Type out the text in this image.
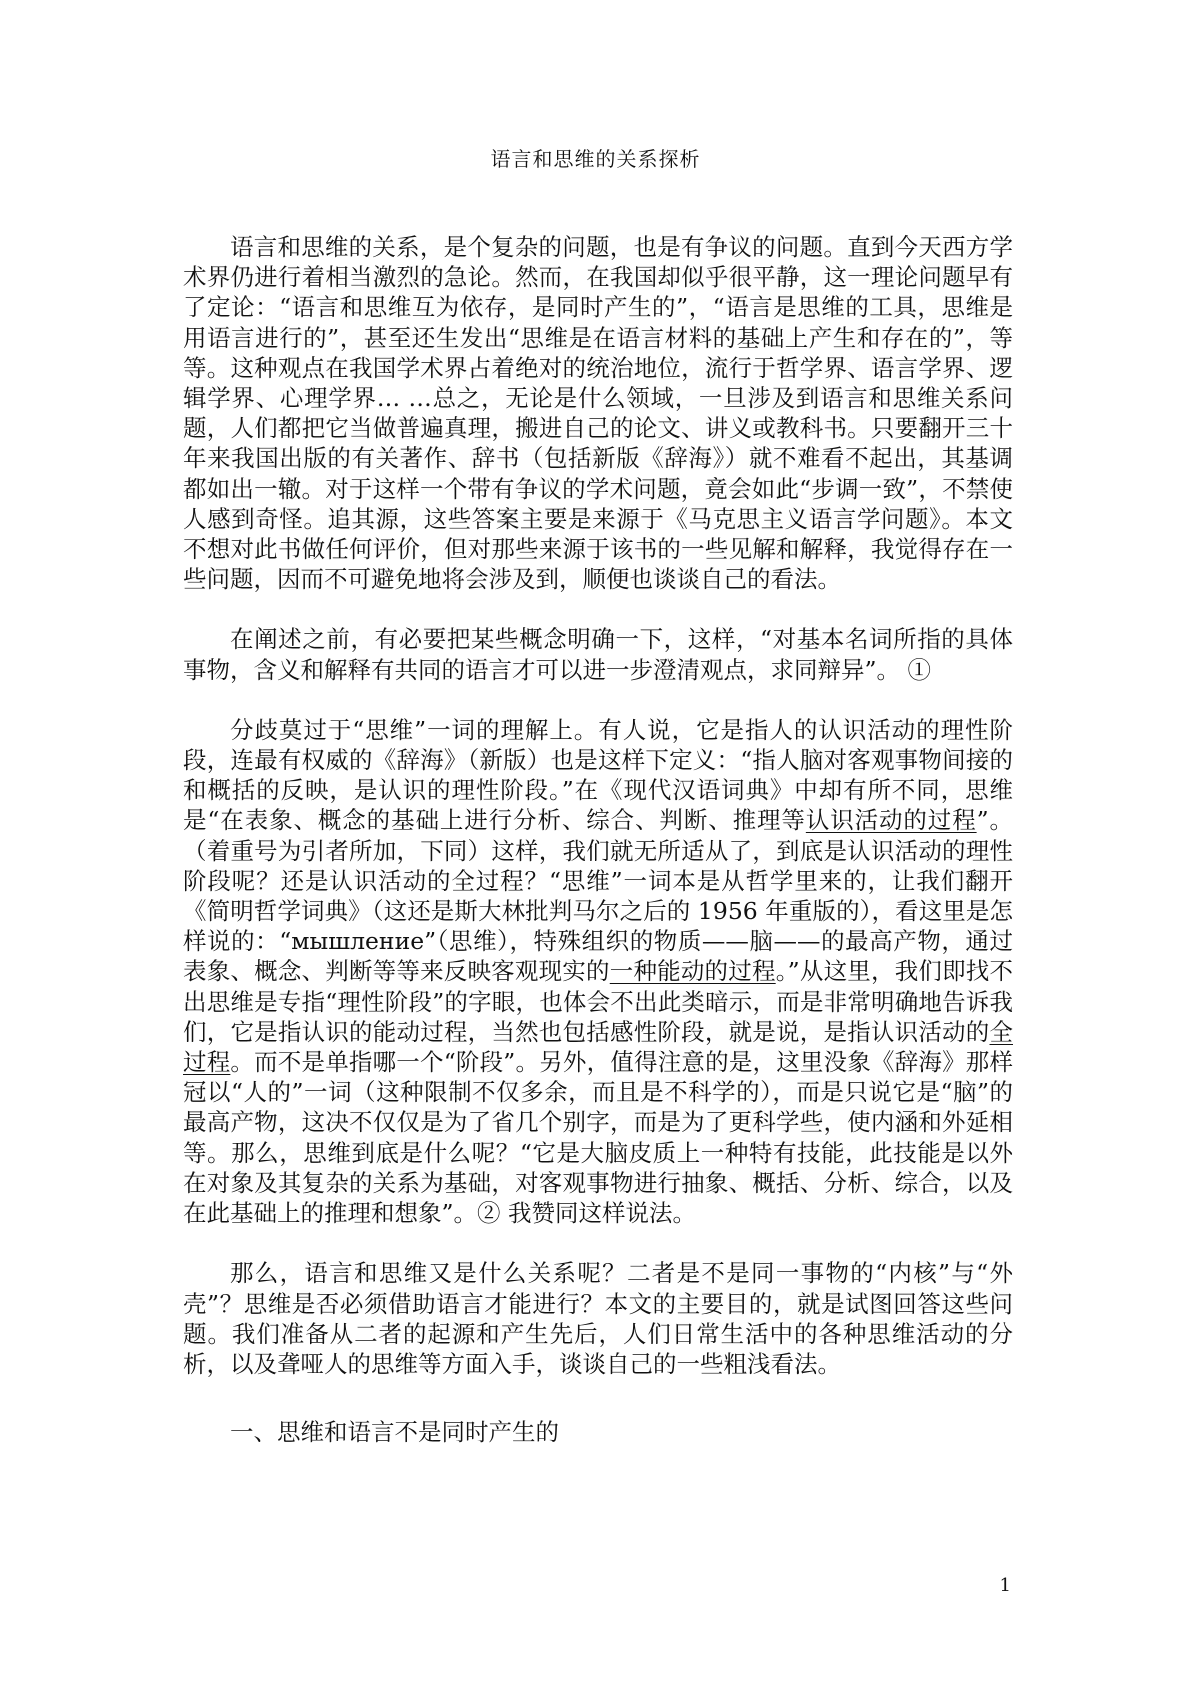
语言和思维的关系探析

语言和思维的关系，是个复杂的问题，也是有争议的问题。直到今天西方学术界仍进行着相当激烈的急论。然而，在我国却似乎很平静，这一理论问题早有了定论：“语言和思维互为依存，是同时产生的”，“语言是思维的工具，思维是用语言进行的”，甚至还生发出“思维是在语言材料的基础上产生和存在的”，等等。这种观点在我国学术界占着绝对的统治地位，流行于哲学界、语言学界、逻辑学界、心理学界… …总之，无论是什么领域，一旦涉及到语言和思维关系问题，人们都把它当做普遍真理，搬进自己的论文、讲义或教科书。只要翻开三十年来我国出版的有关著作、辞书（包括新版《辞海》）就不难看不起出，其基调都如出一辙。对于这样一个带有争议的学术问题，竟会如此“步调一致”，不禁使人感到奇怪。追其源，这些答案主要是来源于《马克思主义语言学问题》。本文不想对此书做任何评价，但对那些来源于该书的一些见解和解释，我觉得存在一些问题，因而不可避免地将会涉及到，顺便也谈谈自己的看法。

在阐述之前，有必要把某些概念明确一下，这样，“对基本名词所指的具体事物，含义和解释有共同的语言才可以进一步澄清观点，求同辩异”。 ①

分歧莫过于“思维”一词的理解上。有人说，它是指人的认识活动的理性阶段，连最有权威的《辞海》（新版）也是这样下定义：“指人脑对客观事物间接的和概括的反映，是认识的理性阶段。”在《现代汉语词典》中却有所不同，思维是“在表象、概念的基础上进行分析、综合、判断、推理等认识活动的过程”。（着重号为引者所加，下同）这样，我们就无所适从了，到底是认识活动的理性阶段呢？还是认识活动的全过程？“思维”一词本是从哲学里来的，让我们翻开《简明哲学词典》（这还是斯大林批判马尔之后的 1956 年重版的），看这里是怎样说的：“мышление”（思维），特殊组织的物质——脑——的最高产物，通过表象、概念、判断等等来反映客观现实的一种能动的过程。”从这里，我们即找不出思维是专指“理性阶段”的字眼，也体会不出此类暗示，而是非常明确地告诉我们，它是指认识的能动过程，当然也包括感性阶段，就是说，是指认识活动的全过程。而不是单指哪一个“阶段”。另外，值得注意的是，这里没象《辞海》那样冠以“人的”一词（这种限制不仅多余，而且是不科学的），而是只说它是“脑”的最高产物，这决不仅仅是为了省几个别字，而是为了更科学些，使内涵和外延相等。那么，思维到底是什么呢？“它是大脑皮质上一种特有技能，此技能是以外在对象及其复杂的关系为基础，对客观事物进行抽象、概括、分析、综合，以及在此基础上的推理和想象”。② 我赞同这样说法。

那么，语言和思维又是什么关系呢？二者是不是同一事物的“内核”与“外壳”？思维是否必须借助语言才能进行？本文的主要目的，就是试图回答这些问题。我们准备从二者的起源和产生先后，人们日常生活中的各种思维活动的分析，以及聋哑人的思维等方面入手，谈谈自己的一些粗浅看法。

一、思维和语言不是同时产生的

1
